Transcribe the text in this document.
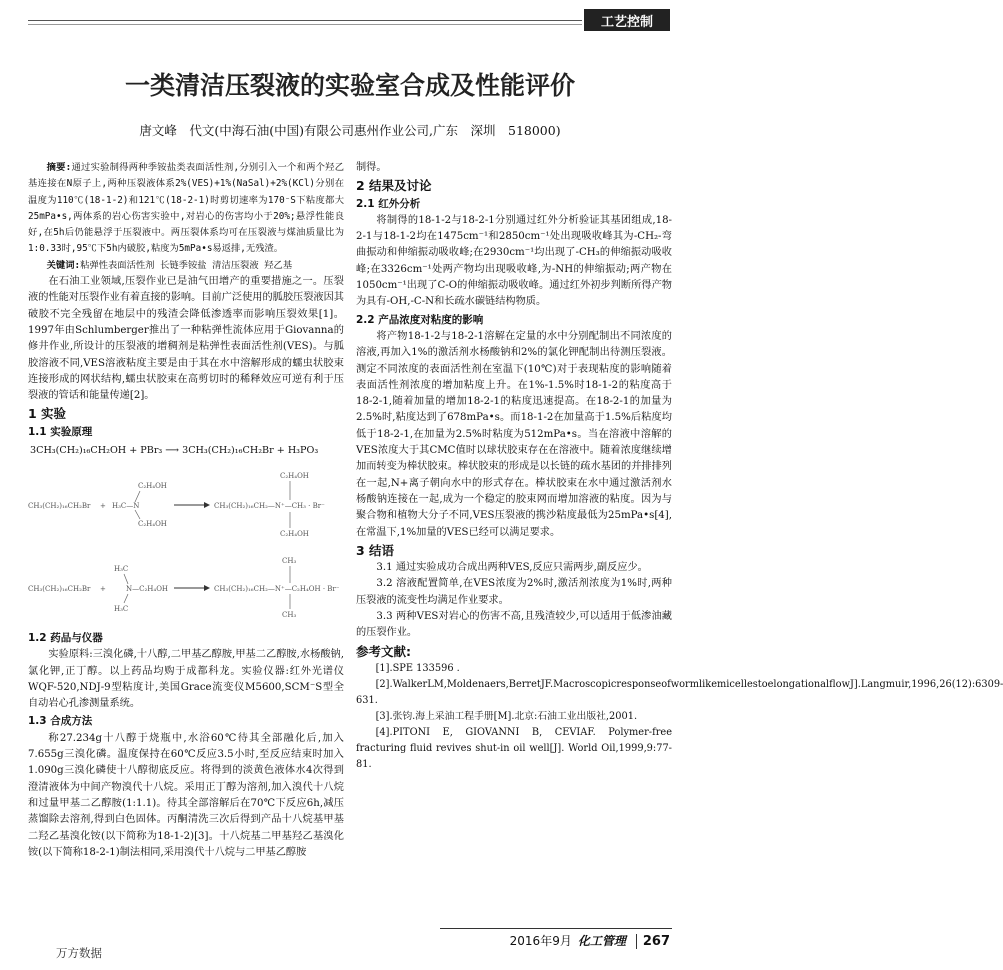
工艺控制
一类清洁压裂液的实验室合成及性能评价
唐文峰　代文(中海石油(中国)有限公司惠州作业公司,广东　深圳　518000)

摘要:通过实验制得两种季铵盐类表面活性剂,分别引入一个和两个羟乙基连接在N原子上,两种压裂液体系2%(VES)+1%(NaSal)+2%(KCl)分别在温度为110℃(18-1-2)和121℃(18-2-1)时剪切速率为170⁻S下粘度都大25mPa•s,两体系的岩心伤害实验中,对岩心的伤害均小于20%;悬浮性能良好,在5h后仍能悬浮于压裂液中。两压裂体系均可在压裂液与煤油质量比为1:0.33时,95℃下5h内破胶,粘度为5mPa•s易返排,无残渣。

关键词:粘弹性表面活性剂 长链季铵盐 清洁压裂液 羟乙基

在石油工业领域,压裂作业已是油气田增产的重要措施之一。压裂液的性能对压裂作业有着直接的影响。目前广泛使用的胍胶压裂液因其破胶不完全残留在地层中的残渣会降低渗透率而影响压裂效果[1]。1997年由Schlumberger推出了一种粘弹性流体应用于Giovanna的修井作业,所设计的压裂液的增稠剂是粘弹性表面活性剂(VES)。与胍胶溶液不同,VES溶液粘度主要是由于其在水中溶解形成的蠕虫状胶束连接形成的网状结构,蠕虫状胶束在高剪切时的稀释效应可逆有利于压裂液的管话和能量传递[2]。

1 实验
1.1 实验原理
3CH₃(CH₂)₁₆CH₂OH + PBr₃ ⟶ 3CH₃(CH₂)₁₆CH₂Br + H₃PO₃
CH₃(CH₂)₁₆CH₂Br + H₃C—N
C₂H₄OH
C₂H₄OH
CH₃(CH₂)₁₆CH₂—N⁺—CH₃ · Br⁻
C₂H₄OH
C₂H₄OH

CH₃(CH₂)₁₆CH₂Br +	N—C₂H₄OH
H₃C
H₃C
CH₃(CH₂)₁₆CH₂—N⁺—C₂H₄OH · Br⁻
CH₃
CH₃
1.2 药品与仪器

实验原料:三溴化磷,十八醇,二甲基乙醇胺,甲基二乙醇胺,水杨酸钠,氯化钾,正丁醇。以上药品均购于成都科龙。实验仪器:红外光谱仪WQF-520,NDJ-9型粘度计,美国Grace流变仪M5600,SCM⁻S型全自动岩心孔渗测量系统。

1.3 合成方法

称27.234g十八醇于烧瓶中,水浴60℃待其全部融化后,加入7.655g三溴化磷。温度保持在60℃反应3.5小时,至反应结束时加入1.090g三溴化磷使十八醇彻底反应。将得到的淡黄色液体水4次得到澄清液体为中间产物溴代十八烷。采用正丁醇为溶剂,加入溴代十八烷和过量甲基二乙醇胺(1:1.1)。待其全部溶解后在70℃下反应6h,减压蒸馏除去溶剂,得到白色固体。丙酮清洗三次后得到产品十八烷基甲基二羟乙基溴化铵(以下简称为18-1-2)[3]。十八烷基二甲基羟乙基溴化铵(以下简称18-2-1)制法相同,采用溴代十八烷与二甲基乙醇胺

制得。

2 结果及讨论
2.1 红外分析

将制得的18-1-2与18-2-1分别通过红外分析验证其基团组成,18-2-1与18-1-2均在1475cm⁻¹和2850cm⁻¹处出现吸收峰其为-CH₂-弯曲振动和伸缩振动吸收峰;在2930cm⁻¹均出现了-CH₃的伸缩振动吸收峰;在3326cm⁻¹处两产物均出现吸收峰,为-NH的伸缩振动;两产物在1050cm⁻¹出现了C-O的伸缩振动吸收峰。通过红外初步判断所得产物为具有-OH,-C-N和长疏水碳链结构物质。

2.2 产品浓度对粘度的影响

将产物18-1-2与18-2-1溶解在定量的水中分别配制出不同浓度的溶液,再加入1%的激活剂水杨酸钠和2%的氯化钾配制出待测压裂液。测定不同浓度的表面活性剂在室温下(10℃)对于表现粘度的影响随着表面活性剂浓度的增加粘度上升。在1%-1.5%时18-1-2的粘度高于18-2-1,随着加量的增加18-2-1的粘度迅速提高。在18-2-1的加量为2.5%时,粘度达到了678mPa•s。而18-1-2在加量高于1.5%后粘度均低于18-2-1,在加量为2.5%时粘度为512mPa•s。当在溶液中溶解的VES浓度大于其CMC值时以球状胶束存在在溶液中。随着浓度继续增加而转变为棒状胶束。棒状胶束的形成是以长链的疏水基团的并排排列在一起,N+离子朝向水中的形式存在。棒状胶束在水中通过激活剂水杨酸钠连接在一起,成为一个稳定的胶束网而增加溶液的粘度。因为与聚合物和植物大分子不同,VES压裂液的携沙粘度最低为25mPa•s[4],在常温下,1%加量的VES已经可以满足要求。

3 结语

3.1 通过实验成功合成出两种VES,反应只需两步,副反应少。

3.2 溶液配置简单,在VES浓度为2%时,激活剂浓度为1%时,两种压裂液的流变性均满足作业要求。

3.3 两种VES对岩心的伤害不高,且残渣较少,可以适用于低渗油藏的压裂作业。

参考文献:

[1].SPE 133596 .

[2].WalkerLM,Moldenaers,BerretJF.MacroscopicresponseofwormlikemicellestoelongationalflowJ].Langmuir,1996,26(12):6309-631.

[3].张钧.海上采油工程手册[M].北京:石油工业出版社,2001.

[4].PITONI E, GIOVANNI B, CEVIAF. Polymer-free fracturing fluid revives shut-in oil well[J]. World Oil,1999,9:77-81.

2016年9月 化工管理 267
万方数据
